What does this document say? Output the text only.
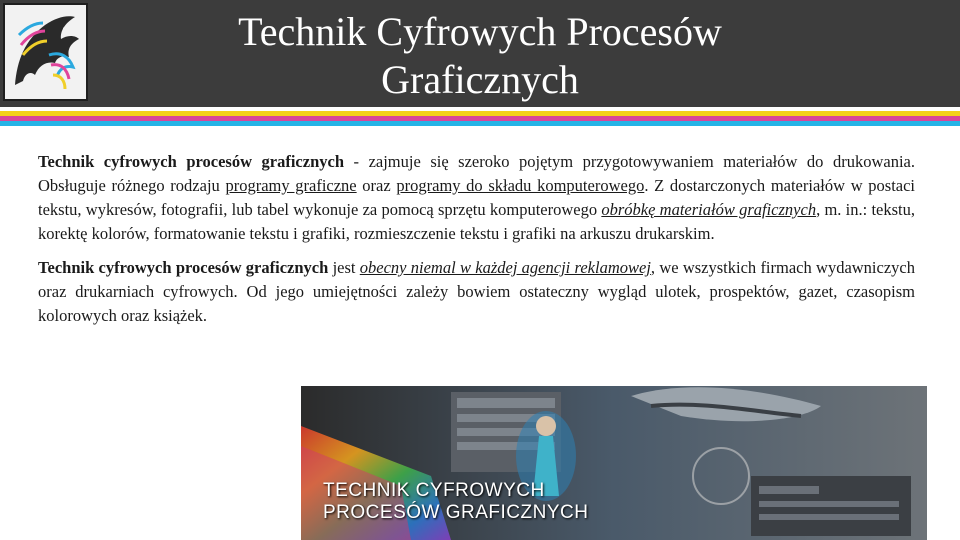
Technik Cyfrowych Procesów
Graficznych

Technik cyfrowych procesów graficznych - zajmuje się szeroko pojętym przygotowywaniem materiałów do drukowania. Obsługuje różnego rodzaju programy graficzne oraz programy do składu komputerowego. Z dostarczonych materiałów w postaci tekstu, wykresów, fotografii, lub tabel wykonuje za pomocą sprzętu komputerowego obróbkę materiałów graficznych, m. in.: tekstu, korektę kolorów, formatowanie tekstu i grafiki, rozmieszczenie tekstu i grafiki na arkuszu drukarskim.

Technik cyfrowych procesów graficznych jest obecny niemal w każdej agencji reklamowej, we wszystkich firmach wydawniczych oraz drukarniach cyfrowych. Od jego umiejętności zależy bowiem ostateczny wygląd ulotek, prospektów, gazet, czasopism kolorowych oraz książek.

TECHNIK CYFROWYCH
PROCESÓW GRAFICZNYCH
